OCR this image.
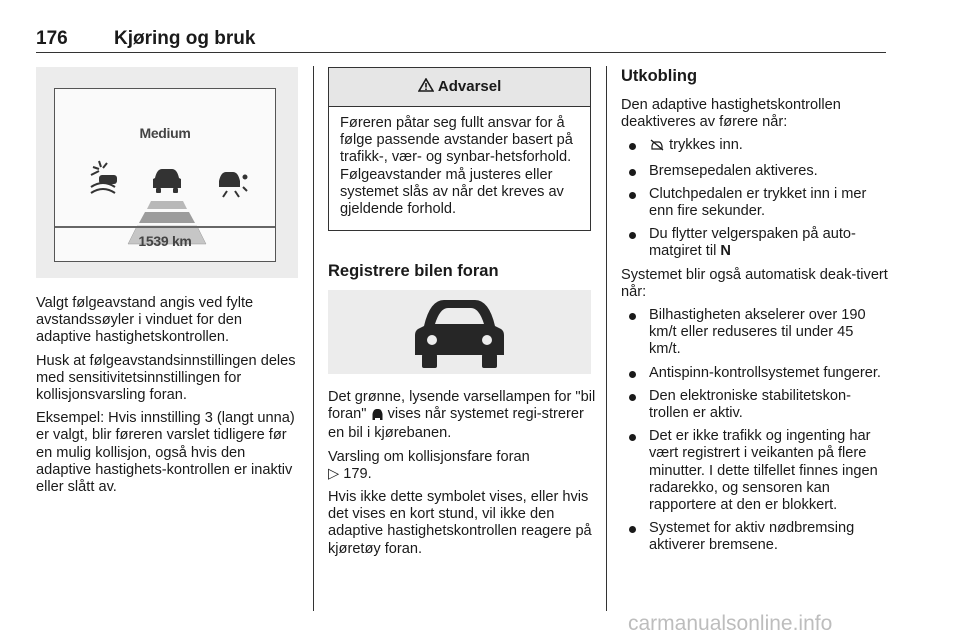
176 Kjøring og bruk
Medium
1539 km

Valgt følgeavstand angis ved fylte avstandssøyler i vinduet for den adaptive hastighetskontrollen.

Husk at følgeavstandsinnstillingen deles med sensitivitetsinnstillingen for kollisjonsvarsling foran.

Eksempel: Hvis innstilling 3 (langt unna) er valgt, blir føreren varslet tidligere før en mulig kollisjon, også hvis den adaptive hastighets-kontrollen er inaktiv eller slått av.

Advarsel
Føreren påtar seg fullt ansvar for å følge passende avstander basert på trafikk-, vær- og synbar-hetsforhold. Følgeavstander må justeres eller systemet slås av når det kreves av gjeldende forhold.
Registrere bilen foran

Det grønne, lysende varsellampen for "bil foran" vises når systemet regi-strerer en bil i kjørebanen.

Varsling om kollisjonsfare foran
▷ 179.

Hvis ikke dette symbolet vises, eller hvis det vises en kort stund, vil ikke den adaptive hastighetskontrollen reagere på kjøretøy foran.

Utkobling

Den adaptive hastighetskontrollen deaktiveres av førere når:

trykkes inn.
Bremsepedalen aktiveres.
Clutchpedalen er trykket inn i mer enn fire sekunder.
Du flytter velgerspaken på auto-matgiret til N

Systemet blir også automatisk deak-tivert når:

Bilhastigheten akselerer over 190 km/t eller reduseres til under 45 km/t.
Antispinn-kontrollsystemet fungerer.
Den elektroniske stabilitetskon-trollen er aktiv.
Det er ikke trafikk og ingenting har vært registrert i veikanten på flere minutter. I dette tilfellet finnes ingen radarekko, og sensoren kan rapportere at den er blokkert.
Systemet for aktiv nødbremsing aktiverer bremsene.
carmanualsonline.info
